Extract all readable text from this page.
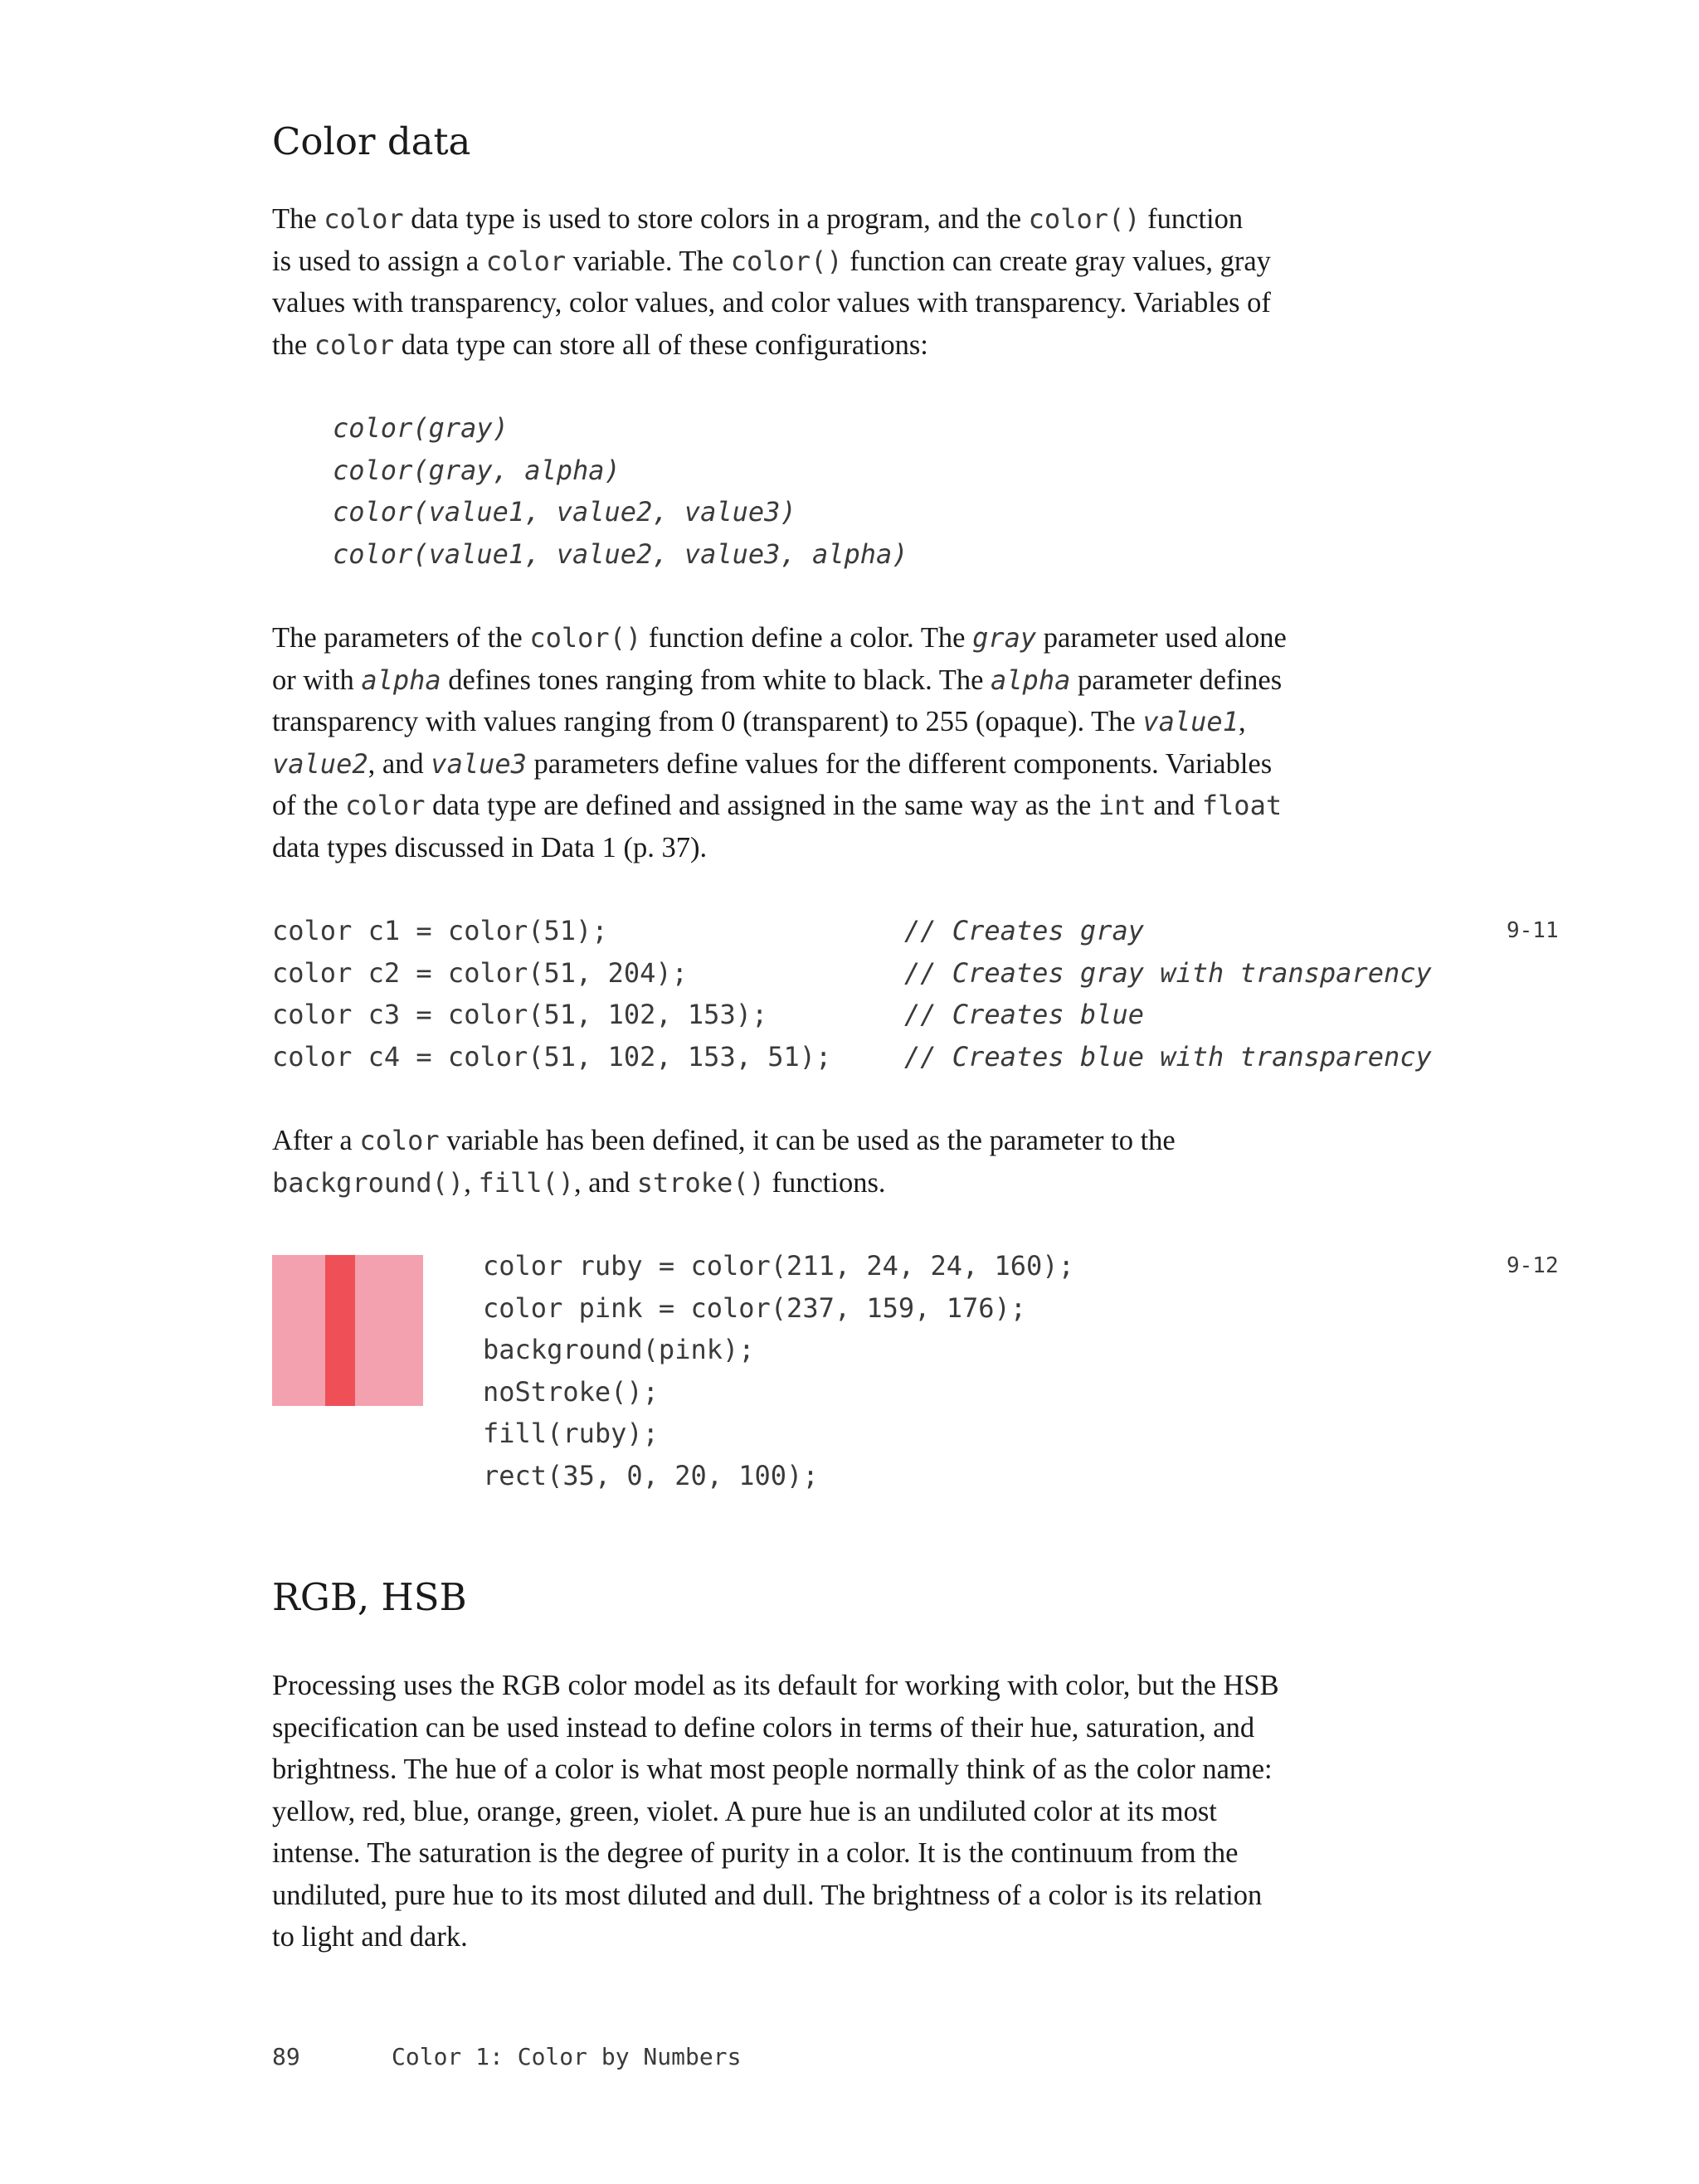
Color data
The color data type is used to store colors in a program, and the color() function
is used to assign a color variable. The color() function can create gray values, gray
values with transparency, color values, and color values with transparency. Variables of
the color data type can store all of these configurations:
color(gray)
color(gray, alpha)
color(value1, value2, value3)
color(value1, value2, value3, alpha)
The parameters of the color() function define a color. The gray parameter used alone
or with alpha defines tones ranging from white to black. The alpha parameter defines
transparency with values ranging from 0 (transparent) to 255 (opaque). The value1,
value2, and value3 parameters define values for the different components. Variables
of the color data type are defined and assigned in the same way as the int and float
data types discussed in Data 1 (p. 37).
color c1 = color(51);
color c2 = color(51, 204);
color c3 = color(51, 102, 153);
color c4 = color(51, 102, 153, 51);
// Creates gray
// Creates gray with transparency
// Creates blue
// Creates blue with transparency
9-11
After a color variable has been defined, it can be used as the parameter to the
background(), fill(), and stroke() functions.
color ruby = color(211, 24, 24, 160);
color pink = color(237, 159, 176);
background(pink);
noStroke();
fill(ruby);
rect(35, 0, 20, 100);
9-12
RGB, HSB
Processing uses the RGB color model as its default for working with color, but the HSB
specification can be used instead to define colors in terms of their hue, saturation, and
brightness. The hue of a color is what most people normally think of as the color name:
yellow, red, blue, orange, green, violet. A pure hue is an undiluted color at its most
intense. The saturation is the degree of purity in a color. It is the continuum from the
undiluted, pure hue to its most diluted and dull. The brightness of a color is its relation
to light and dark.
89	Color 1: Color by Numbers
